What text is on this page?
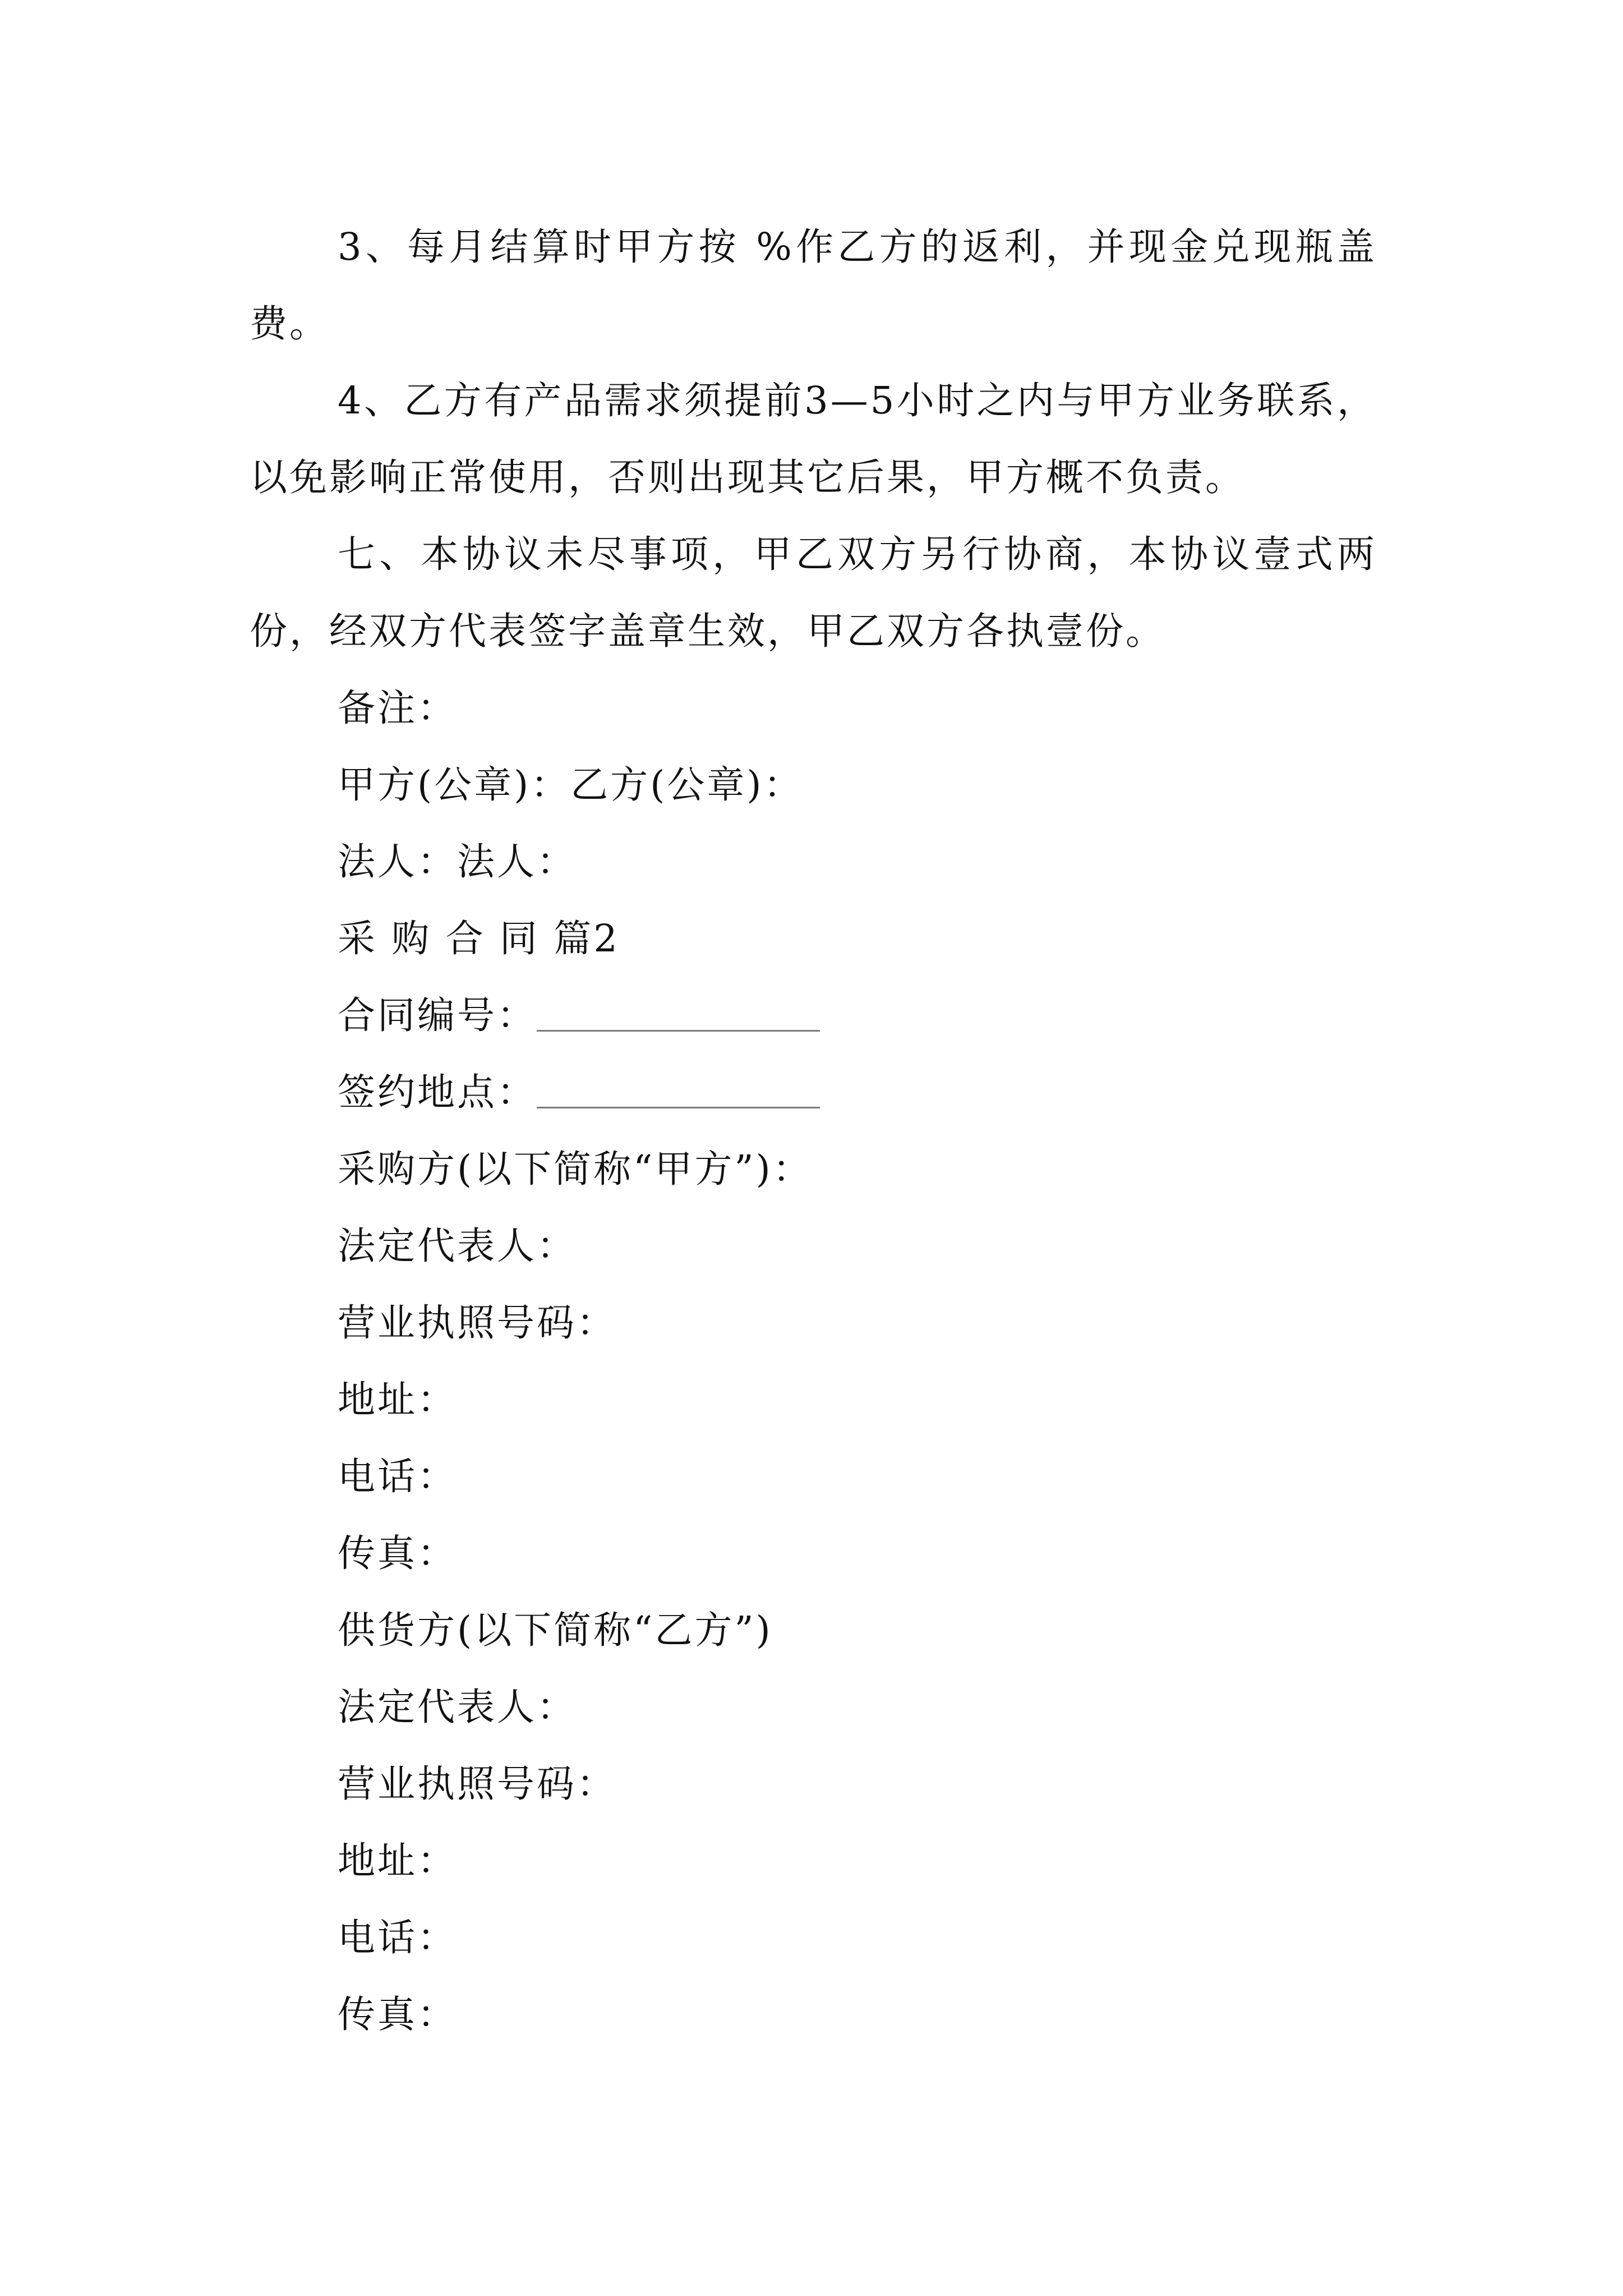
3、每月结算时甲方按 %作乙方的返利，并现金兑现瓶盖费。

4、乙方有产品需求须提前3—5小时之内与甲方业务联系，以免影响正常使用，否则出现其它后果，甲方概不负责。

七、本协议未尽事项，甲乙双方另行协商，本协议壹式两份，经双方代表签字盖章生效，甲乙双方各执壹份。

备注：

甲方(公章)：乙方(公章)：

法人：法人：

采 购 合 同 篇2

合同编号：

签约地点：

采购方(以下简称“甲方”)：

法定代表人：

营业执照号码：

地址：

电话：

传真：

供货方(以下简称“乙方”)

法定代表人：

营业执照号码：

地址：

电话：

传真：
